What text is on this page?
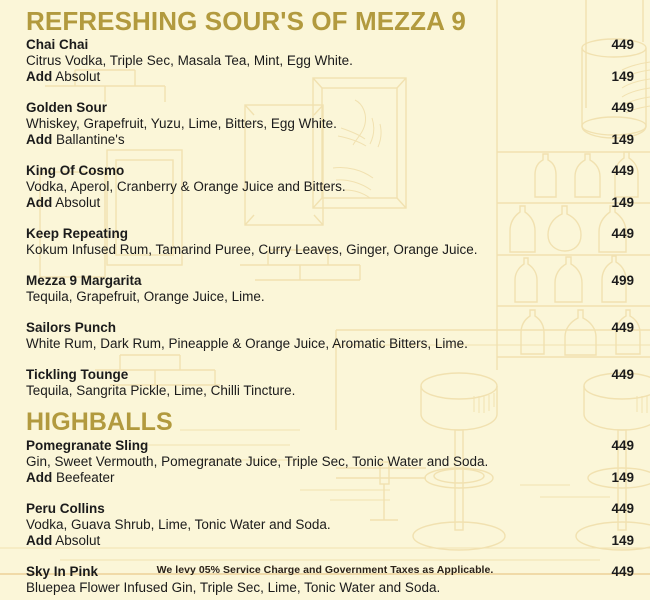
REFRESHING SOUR'S OF MEZZA 9
Chai Chai	449
Citrus Vodka, Triple Sec, Masala Tea, Mint, Egg White.
Add Absolut	149
Golden Sour	449
Whiskey, Grapefruit, Yuzu, Lime, Bitters, Egg White.
Add Ballantine's	149
King Of Cosmo	449
Vodka, Aperol, Cranberry & Orange Juice and Bitters.
Add Absolut	149
Keep Repeating	449
Kokum Infused Rum, Tamarind Puree, Curry Leaves, Ginger, Orange Juice.
Mezza 9 Margarita	499
Tequila, Grapefruit, Orange Juice, Lime.
Sailors Punch	449
White Rum, Dark Rum, Pineapple & Orange Juice, Aromatic Bitters, Lime.
Tickling Tounge	449
Tequila, Sangrita Pickle, Lime, Chilli Tincture.
HIGHBALLS
Pomegranate Sling	449
Gin, Sweet Vermouth, Pomegranate Juice, Triple Sec, Tonic Water and Soda.
Add Beefeater	149
Peru Collins	449
Vodka, Guava Shrub, Lime, Tonic Water and Soda.
Add Absolut	149
Sky In Pink	449
Bluepea Flower Infused Gin, Triple Sec, Lime, Tonic Water and Soda.
We levy 05% Service Charge and Government Taxes as Applicable.
